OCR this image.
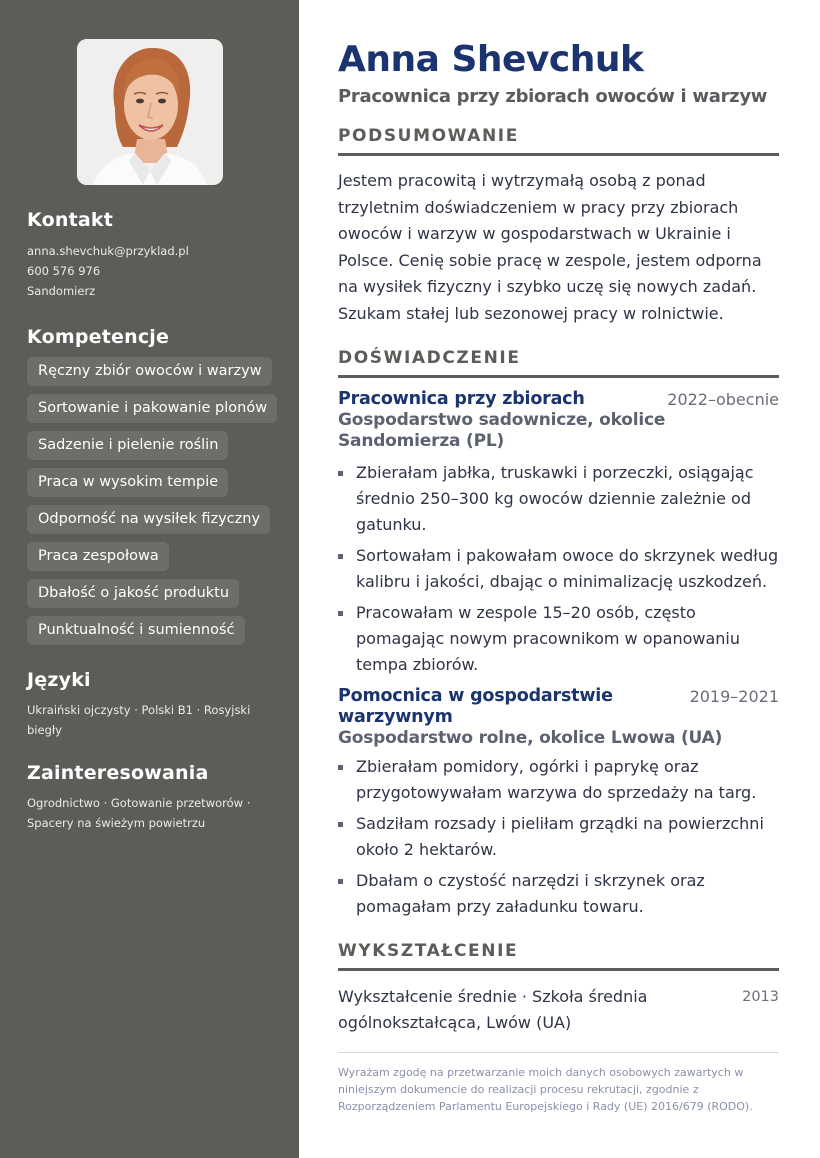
Kontakt
anna.shevchuk@przyklad.pl
600 576 976
Sandomierz
Kompetencje
Ręczny zbiór owoców i warzyw
Sortowanie i pakowanie plonów
Sadzenie i pielenie roślin
Praca w wysokim tempie
Odporność na wysiłek fizyczny
Praca zespołowa
Dbałość o jakość produktu
Punktualność i sumienność
Języki
Ukraiński ojczysty · Polski B1 · Rosyjski biegły
Zainteresowania
Ogrodnictwo · Gotowanie przetworów · Spacery na świeżym powietrzu
Anna Shevchuk
Pracownica przy zbiorach owoców i warzyw
PODSUMOWANIE
Jestem pracowitą i wytrzymałą osobą z ponad trzyletnim doświadczeniem w pracy przy zbiorach owoców i warzyw w gospodarstwach w Ukrainie i Polsce. Cenię sobie pracę w zespole, jestem odporna na wysiłek fizyczny i szybko uczę się nowych zadań. Szukam stałej lub sezonowej pracy w rolnictwie.
DOŚWIADCZENIE
Pracownica przy zbiorach	2022–obecnie
Gospodarstwo sadownicze, okolice Sandomierza (PL)
Zbierałam jabłka, truskawki i porzeczki, osiągając średnio 250–300 kg owoców dziennie zależnie od gatunku.
Sortowałam i pakowałam owoce do skrzynek według kalibru i jakości, dbając o minimalizację uszkodzeń.
Pracowałam w zespole 15–20 osób, często pomagając nowym pracownikom w opanowaniu tempa zbiorów.
Pomocnica w gospodarstwie warzywnym
2019–2021
Gospodarstwo rolne, okolice Lwowa (UA)
Zbierałam pomidory, ogórki i paprykę oraz przygotowywałam warzywa do sprzedaży na targ.
Sadziłam rozsady i pieliłam grządki na powierzchni około 2 hektarów.
Dbałam o czystość narzędzi i skrzynek oraz pomagałam przy załadunku towaru.
WYKSZTAŁCENIE
Wykształcenie średnie · Szkoła średnia ogólnokształcąca, Lwów (UA)
2013
Wyrażam zgodę na przetwarzanie moich danych osobowych zawartych w niniejszym dokumencie do realizacji procesu rekrutacji, zgodnie z Rozporządzeniem Parlamentu Europejskiego i Rady (UE) 2016/679 (RODO).
